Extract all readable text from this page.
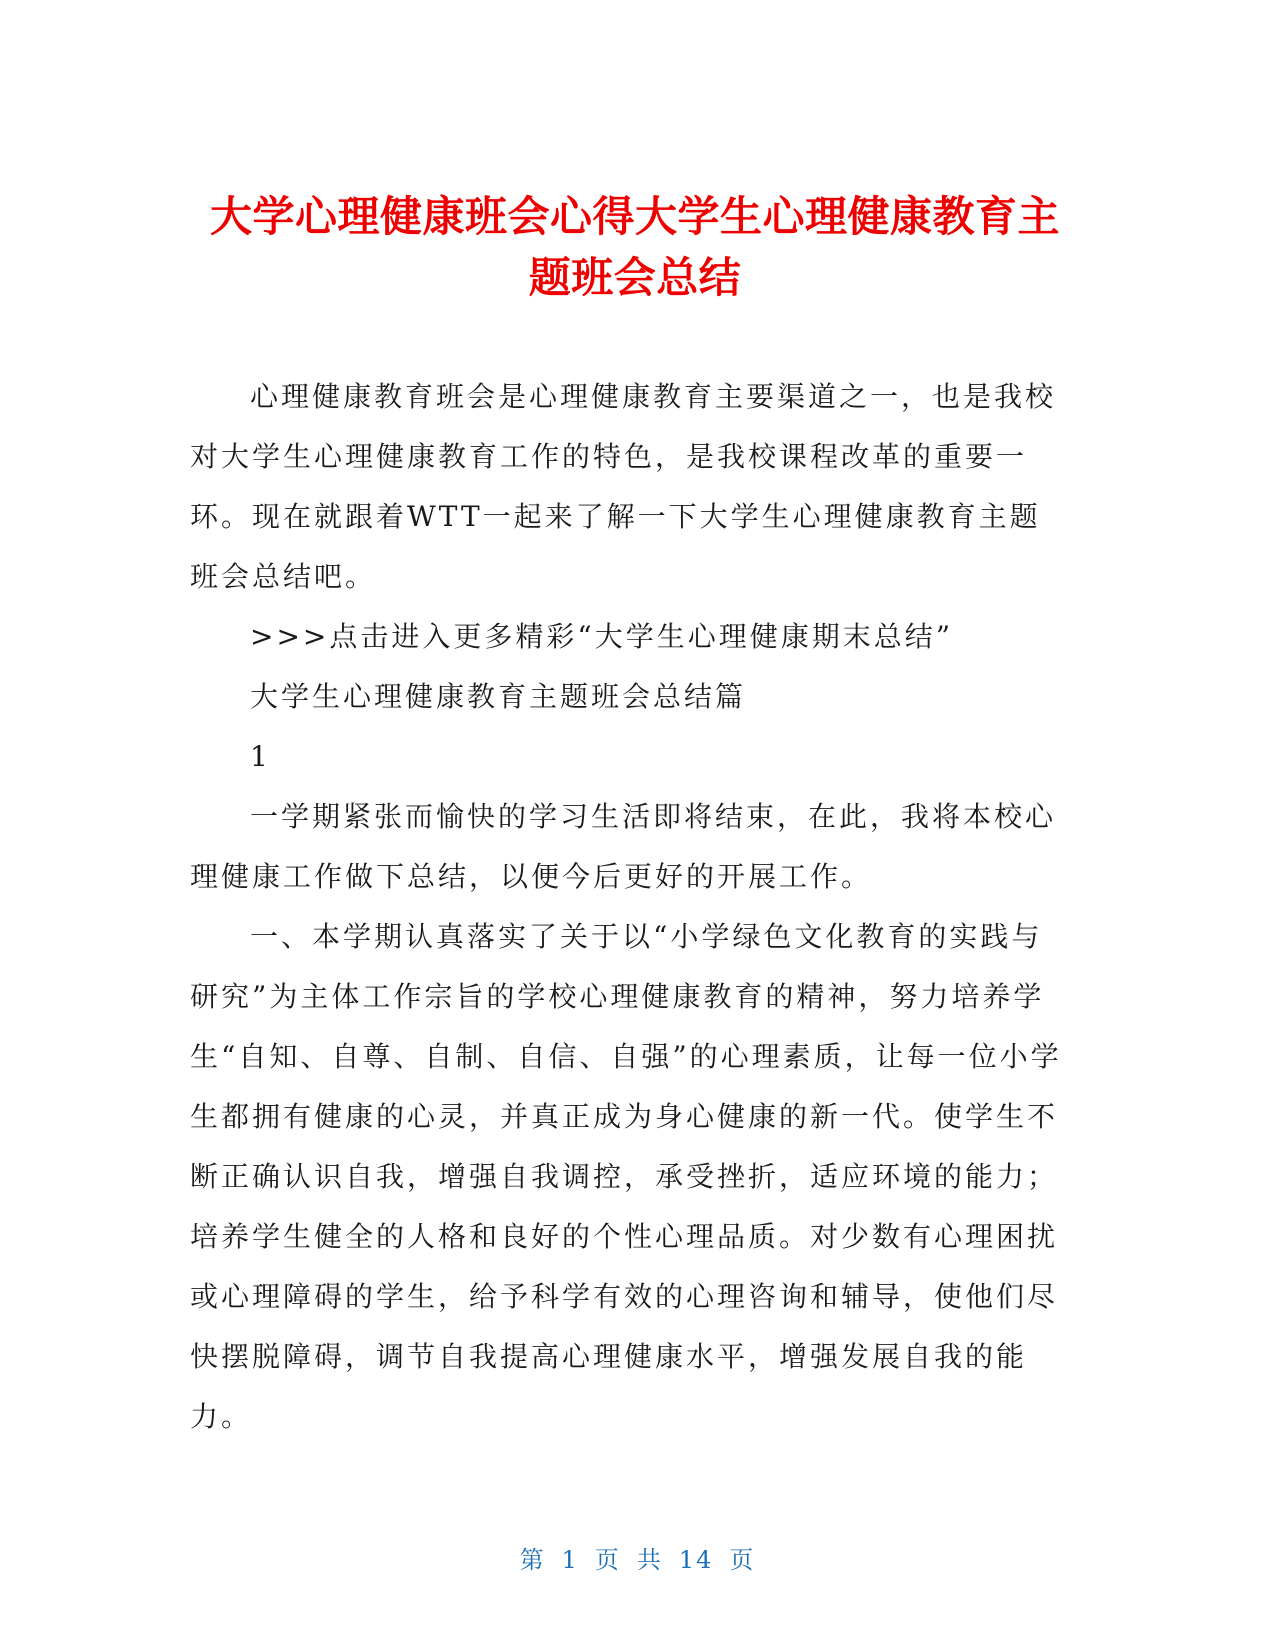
大学心理健康班会心得大学生心理健康教育主
题班会总结

心理健康教育班会是心理健康教育主要渠道之一，也是我校对大学生心理健康教育工作的特色，是我校课程改革的重要一环。现在就跟着WTT一起来了解一下大学生心理健康教育主题班会总结吧。

>>>点击进入更多精彩“大学生心理健康期末总结”

大学生心理健康教育主题班会总结篇

1

一学期紧张而愉快的学习生活即将结束，在此，我将本校心理健康工作做下总结，以便今后更好的开展工作。

一、本学期认真落实了关于以“小学绿色文化教育的实践与研究”为主体工作宗旨的学校心理健康教育的精神，努力培养学生“自知、自尊、自制、自信、自强”的心理素质，让每一位小学生都拥有健康的心灵，并真正成为身心健康的新一代。使学生不断正确认识自我，增强自我调控，承受挫折，适应环境的能力；培养学生健全的人格和良好的个性心理品质。对少数有心理困扰或心理障碍的学生，给予科学有效的心理咨询和辅导，使他们尽快摆脱障碍，调节自我提高心理健康水平，增强发展自我的能力。

第 1 页 共 14 页
